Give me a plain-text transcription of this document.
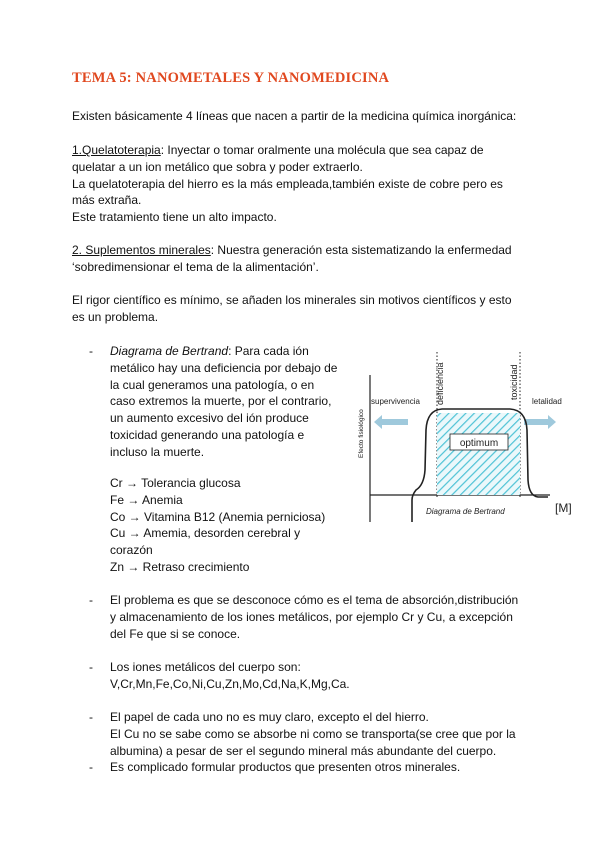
TEMA 5: NANOMETALES Y NANOMEDICINA
Existen básicamente 4 líneas que nacen a partir de la medicina química inorgánica:
1.Quelatoterapia: Inyectar o tomar oralmente una molécula que sea capaz de
quelatar a un ion metálico que sobra y poder extraerlo.
La quelatoterapia del hierro es la más empleada,también existe de cobre pero es
más extraña.
Este tratamiento tiene un alto impacto.
2. Suplementos minerales: Nuestra generación esta sistematizando la enfermedad
‘sobredimensionar el tema de la alimentación’.
El rigor científico es mínimo, se añaden los minerales sin motivos científicos y esto
es un problema.
- Diagrama de Bertrand: Para cada ión
metálico hay una deficiencia por debajo de
la cual generamos una patología, o en
caso extremos la muerte, por el contrario,
un aumento excesivo del ión produce
toxicidad generando una patología e
incluso la muerte.
Cr → Tolerancia glucosa
Fe → Anemia
Co → Vitamina B12 (Anemia perniciosa)
Cu → Amemia, desorden cerebral y
corazón
Zn → Retraso crecimiento
- El problema es que se desconoce cómo es el tema de absorción,distribución
y almacenamiento de los iones metálicos, por ejemplo Cr y Cu, a excepción
del Fe que si se conoce.
- Los iones metálicos del cuerpo son:
V,Cr,Mn,Fe,Co,Ni,Cu,Zn,Mo,Cd,Na,K,Mg,Ca.
- El papel de cada uno no es muy claro, excepto el del hierro.
El Cu no se sabe como se absorbe ni como se transporta(se cree que por la
albumina) a pesar de ser el segundo mineral más abundante del cuerpo.
- Es complicado formular productos que presenten otros minerales.
Efecto fisiológico
deficiencia	toxicidad
supervivencia	letalidad
optimum
Diagrama de Bertrand	[M]
